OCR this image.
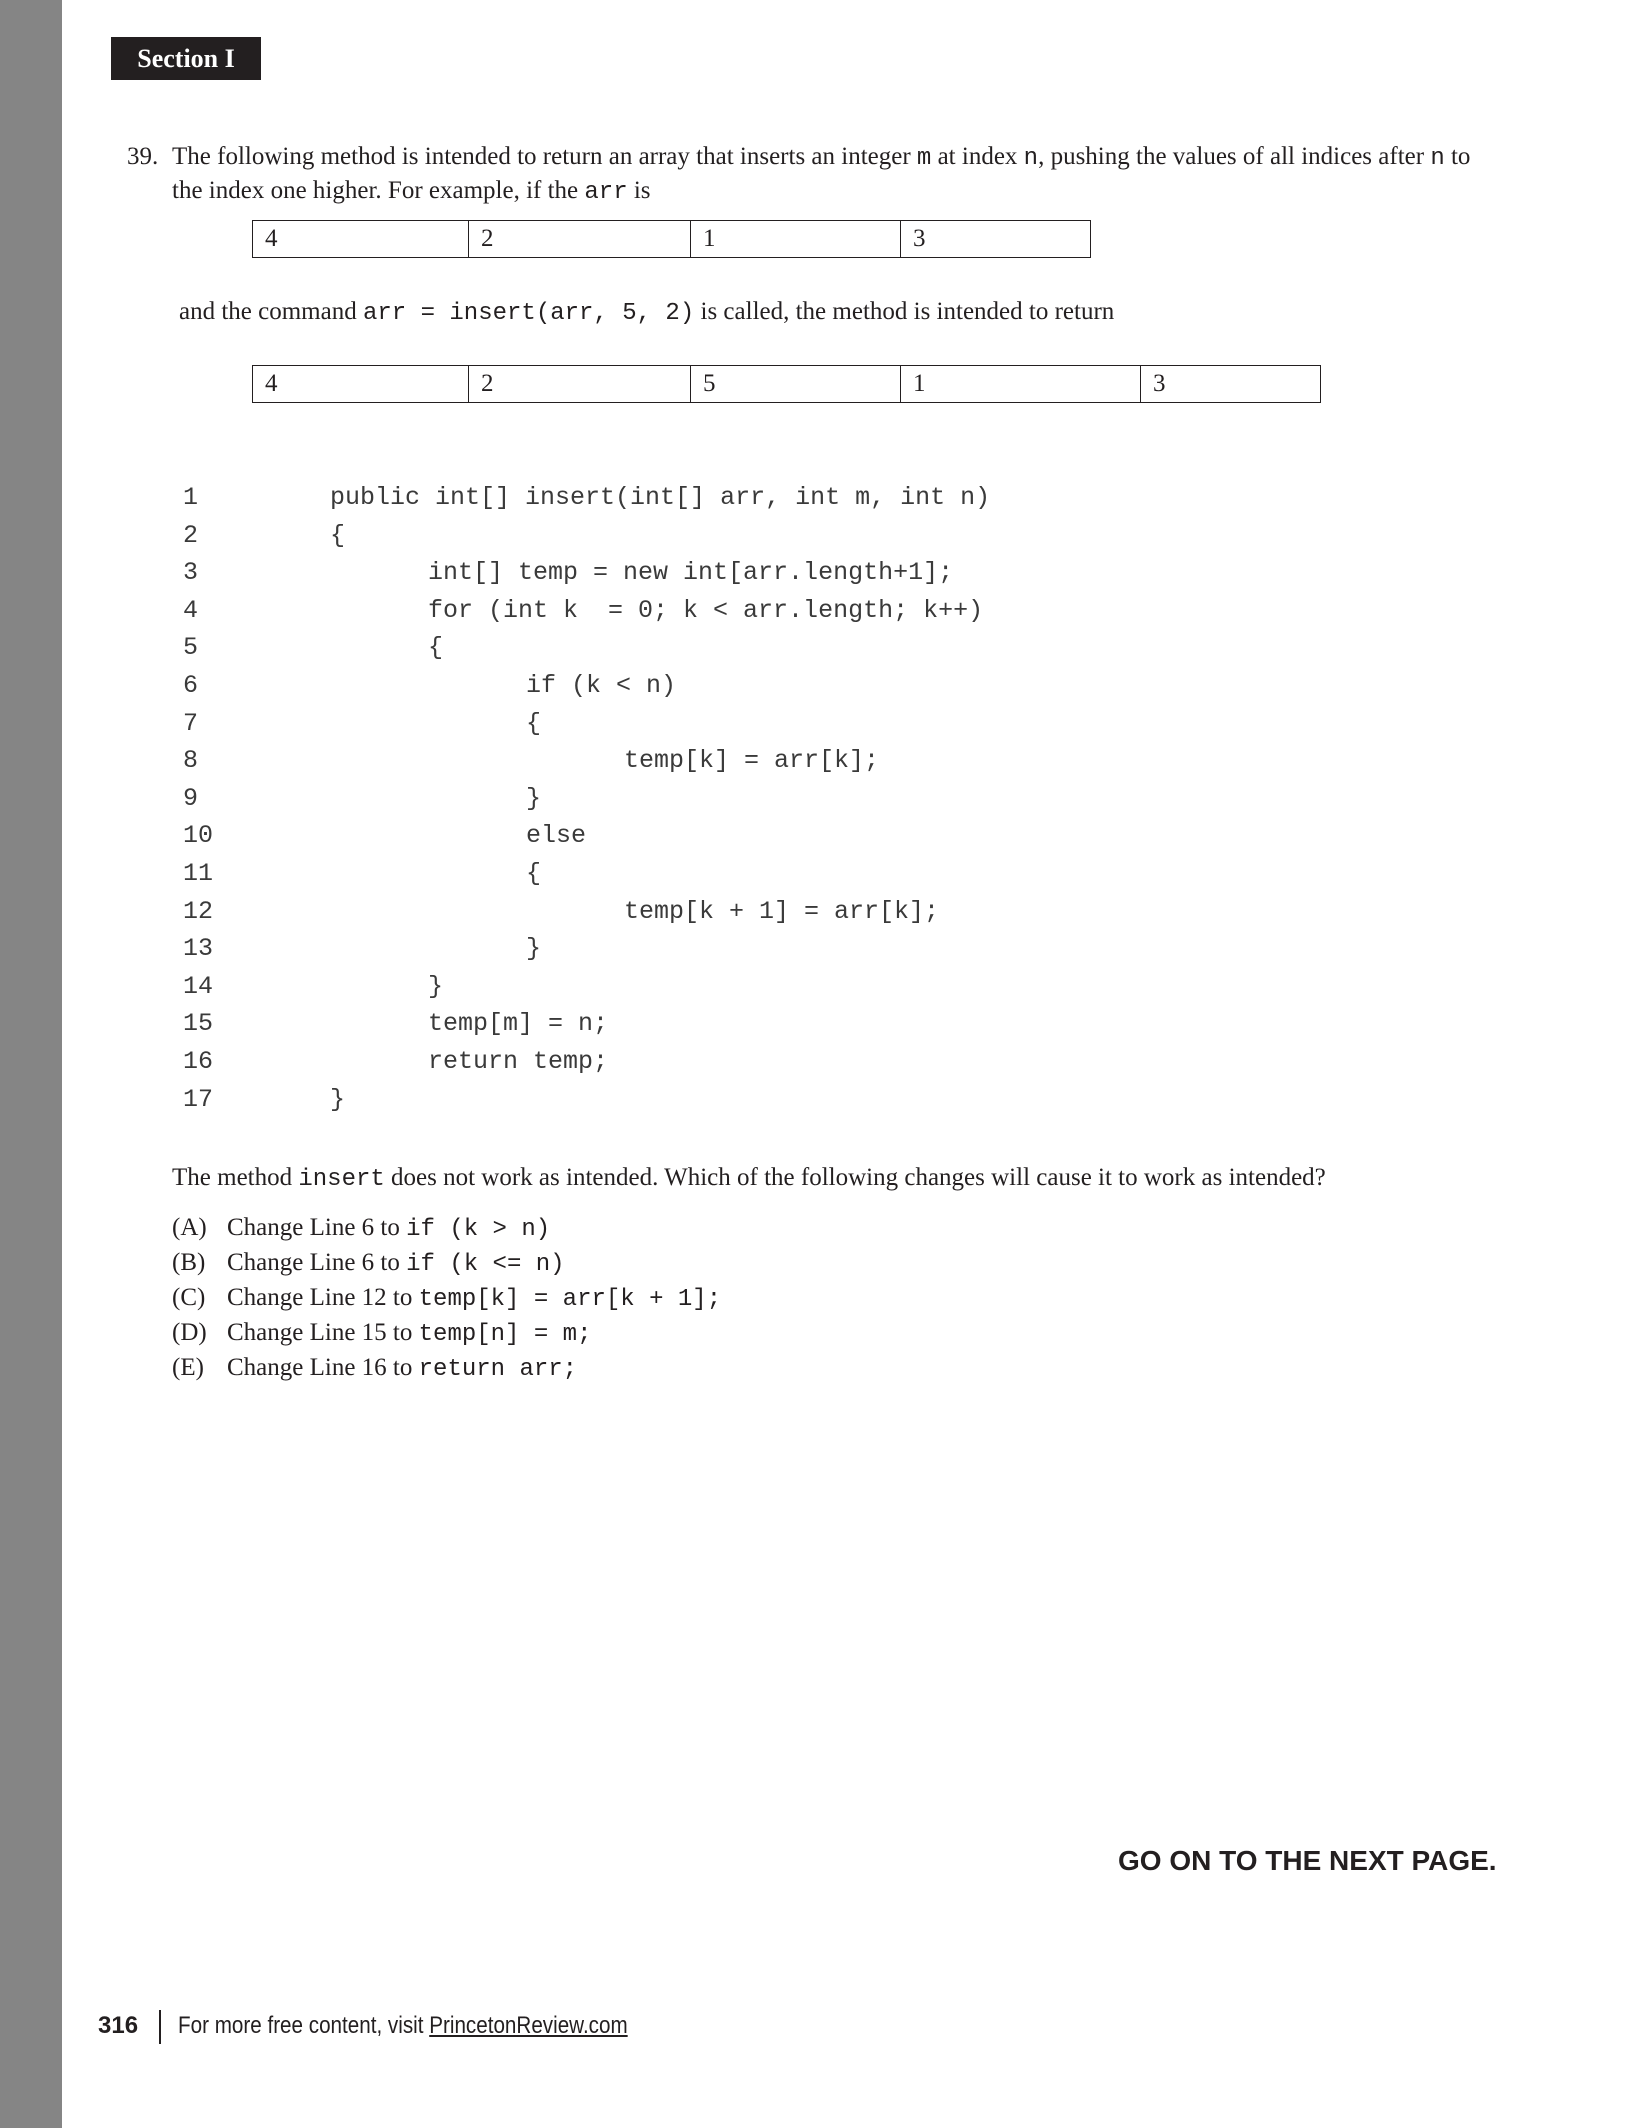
Section I
39. The following method is intended to return an array that inserts an integer m at index n, pushing the values of all indices after n to the index one higher. For example, if the arr is
4	2	1	3
and the command arr = insert(arr, 5, 2) is called, the method is intended to return
4	2	5	1	3
1	public int[] insert(int[] arr, int m, int n)
2	{
3	int[] temp = new int[arr.length+1];
4	for (int k  = 0; k < arr.length; k++)
5	{
6	if (k < n)
7	{
8	temp[k] = arr[k];
9	}
10	else
11	{
12	temp[k + 1] = arr[k];
13	}
14	}
15	temp[m] = n;
16	return temp;
17	}
The method insert does not work as intended. Which of the following changes will cause it to work as intended?
(A) Change Line 6 to if (k > n)
(B) Change Line 6 to if (k <= n)
(C) Change Line 12 to temp[k] = arr[k + 1];
(D) Change Line 15 to temp[n] = m;
(E) Change Line 16 to return arr;
GO ON TO THE NEXT PAGE.
316 For more free content, visit PrincetonReview.com
